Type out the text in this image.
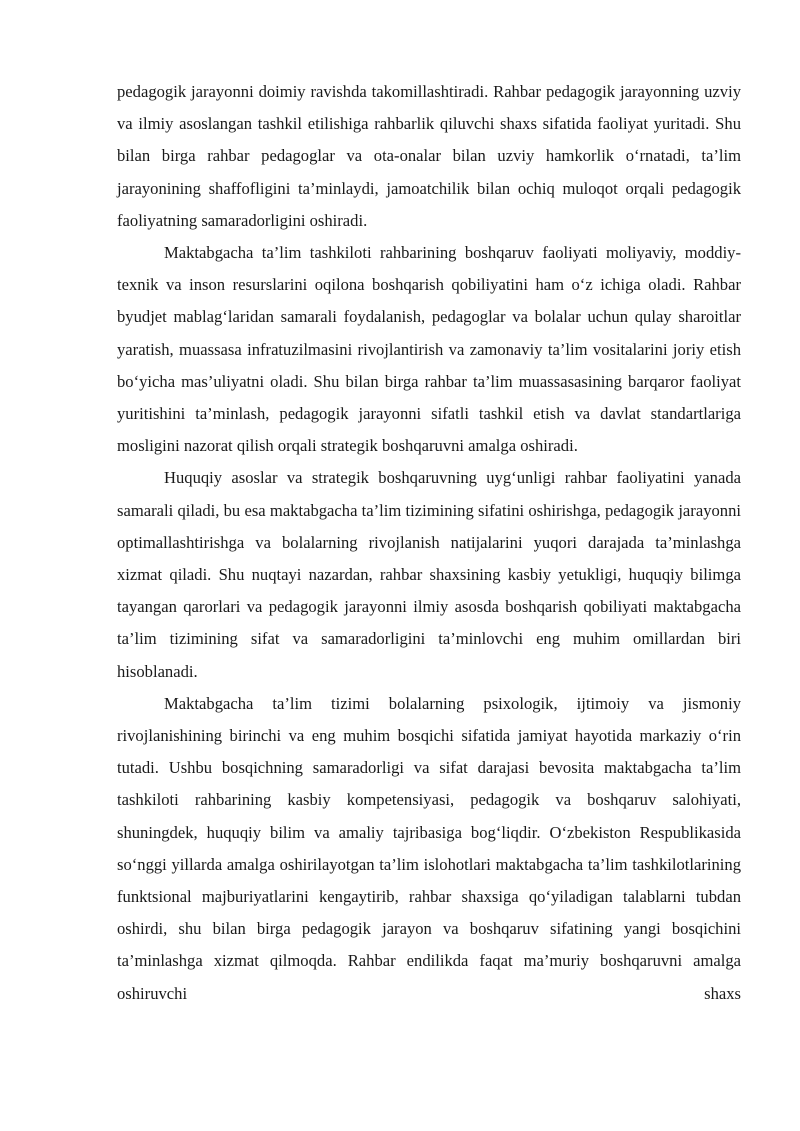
pedagogik jarayonni doimiy ravishda takomillashtiradi. Rahbar pedagogik jarayonning uzviy va ilmiy asoslangan tashkil etilishiga rahbarlik qiluvchi shaxs sifatida faoliyat yuritadi. Shu bilan birga rahbar pedagoglar va ota-onalar bilan uzviy hamkorlik o‘rnatadi, ta’lim jarayonining shaffofligini ta’minlaydi, jamoatchilik bilan ochiq muloqot orqali pedagogik faoliyatning samaradorligini oshiradi.

Maktabgacha ta’lim tashkiloti rahbarining boshqaruv faoliyati moliyaviy, moddiy-texnik va inson resurslarini oqilona boshqarish qobiliyatini ham o‘z ichiga oladi. Rahbar byudjet mablag‘laridan samarali foydalanish, pedagoglar va bolalar uchun qulay sharoitlar yaratish, muassasa infratuzilmasini rivojlantirish va zamonaviy ta’lim vositalarini joriy etish bo‘yicha mas’uliyatni oladi. Shu bilan birga rahbar ta’lim muassasasining barqaror faoliyat yuritishini ta’minlash, pedagogik jarayonni sifatli tashkil etish va davlat standartlariga mosligini nazorat qilish orqali strategik boshqaruvni amalga oshiradi.

Huquqiy asoslar va strategik boshqaruvning uyg‘unligi rahbar faoliyatini yanada samarali qiladi, bu esa maktabgacha ta’lim tizimining sifatini oshirishga, pedagogik jarayonni optimallashtirishga va bolalarning rivojlanish natijalarini yuqori darajada ta’minlashga xizmat qiladi. Shu nuqtayi nazardan, rahbar shaxsining kasbiy yetukligi, huquqiy bilimga tayangan qarorlari va pedagogik jarayonni ilmiy asosda boshqarish qobiliyati maktabgacha ta’lim tizimining sifat va samaradorligini ta’minlovchi eng muhim omillardan biri hisoblanadi.

Maktabgacha ta’lim tizimi bolalarning psixologik, ijtimoiy va jismoniy rivojlanishining birinchi va eng muhim bosqichi sifatida jamiyat hayotida markaziy o‘rin tutadi. Ushbu bosqichning samaradorligi va sifat darajasi bevosita maktabgacha ta’lim tashkiloti rahbarining kasbiy kompetensiyasi, pedagogik va boshqaruv salohiyati, shuningdek, huquqiy bilim va amaliy tajribasiga bog‘liqdir. O‘zbekiston Respublikasida so‘nggi yillarda amalga oshirilayotgan ta’lim islohotlari maktabgacha ta’lim tashkilotlarining funktsional majburiyatlarini kengaytirib, rahbar shaxsiga qo‘yiladigan talablarni tubdan oshirdi, shu bilan birga pedagogik jarayon va boshqaruv sifatining yangi bosqichini ta’minlashga xizmat qilmoqda. Rahbar endilikda faqat ma’muriy boshqaruvni amalga oshiruvchi shaxs
